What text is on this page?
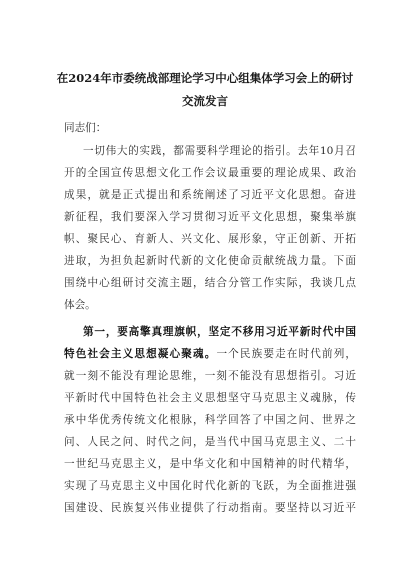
在2024年市委统战部理论学习中心组集体学习会上的研讨
交流发言
同志们：
一切伟大的实践，都需要科学理论的指引。去年10月召
开的全国宣传思想文化工作会议最重要的理论成果、政治
成果，就是正式提出和系统阐述了习近平文化思想。奋进
新征程，我们要深入学习贯彻习近平文化思想，聚集举旗
帜、聚民心、育新人、兴文化、展形象，守正创新、开拓
进取，为担负起新时代新的文化使命贡献统战力量。下面
围绕中心组研讨交流主题，结合分管工作实际，我谈几点
体会。
第一，要高擎真理旗帜，坚定不移用习近平新时代中国
特色社会主义思想凝心聚魂。一个民族要走在时代前列，
就一刻不能没有理论思维，一刻不能没有思想指引。习近
平新时代中国特色社会主义思想坚守马克思主义魂脉，传
承中华优秀传统文化根脉，科学回答了中国之问、世界之
问、人民之问、时代之问，是当代中国马克思主义、二十
一世纪马克思主义，是中华文化和中国精神的时代精华，
实现了马克思主义中国化时代化新的飞跃，为全面推进强
国建设、民族复兴伟业提供了行动指南。要坚持以习近平
